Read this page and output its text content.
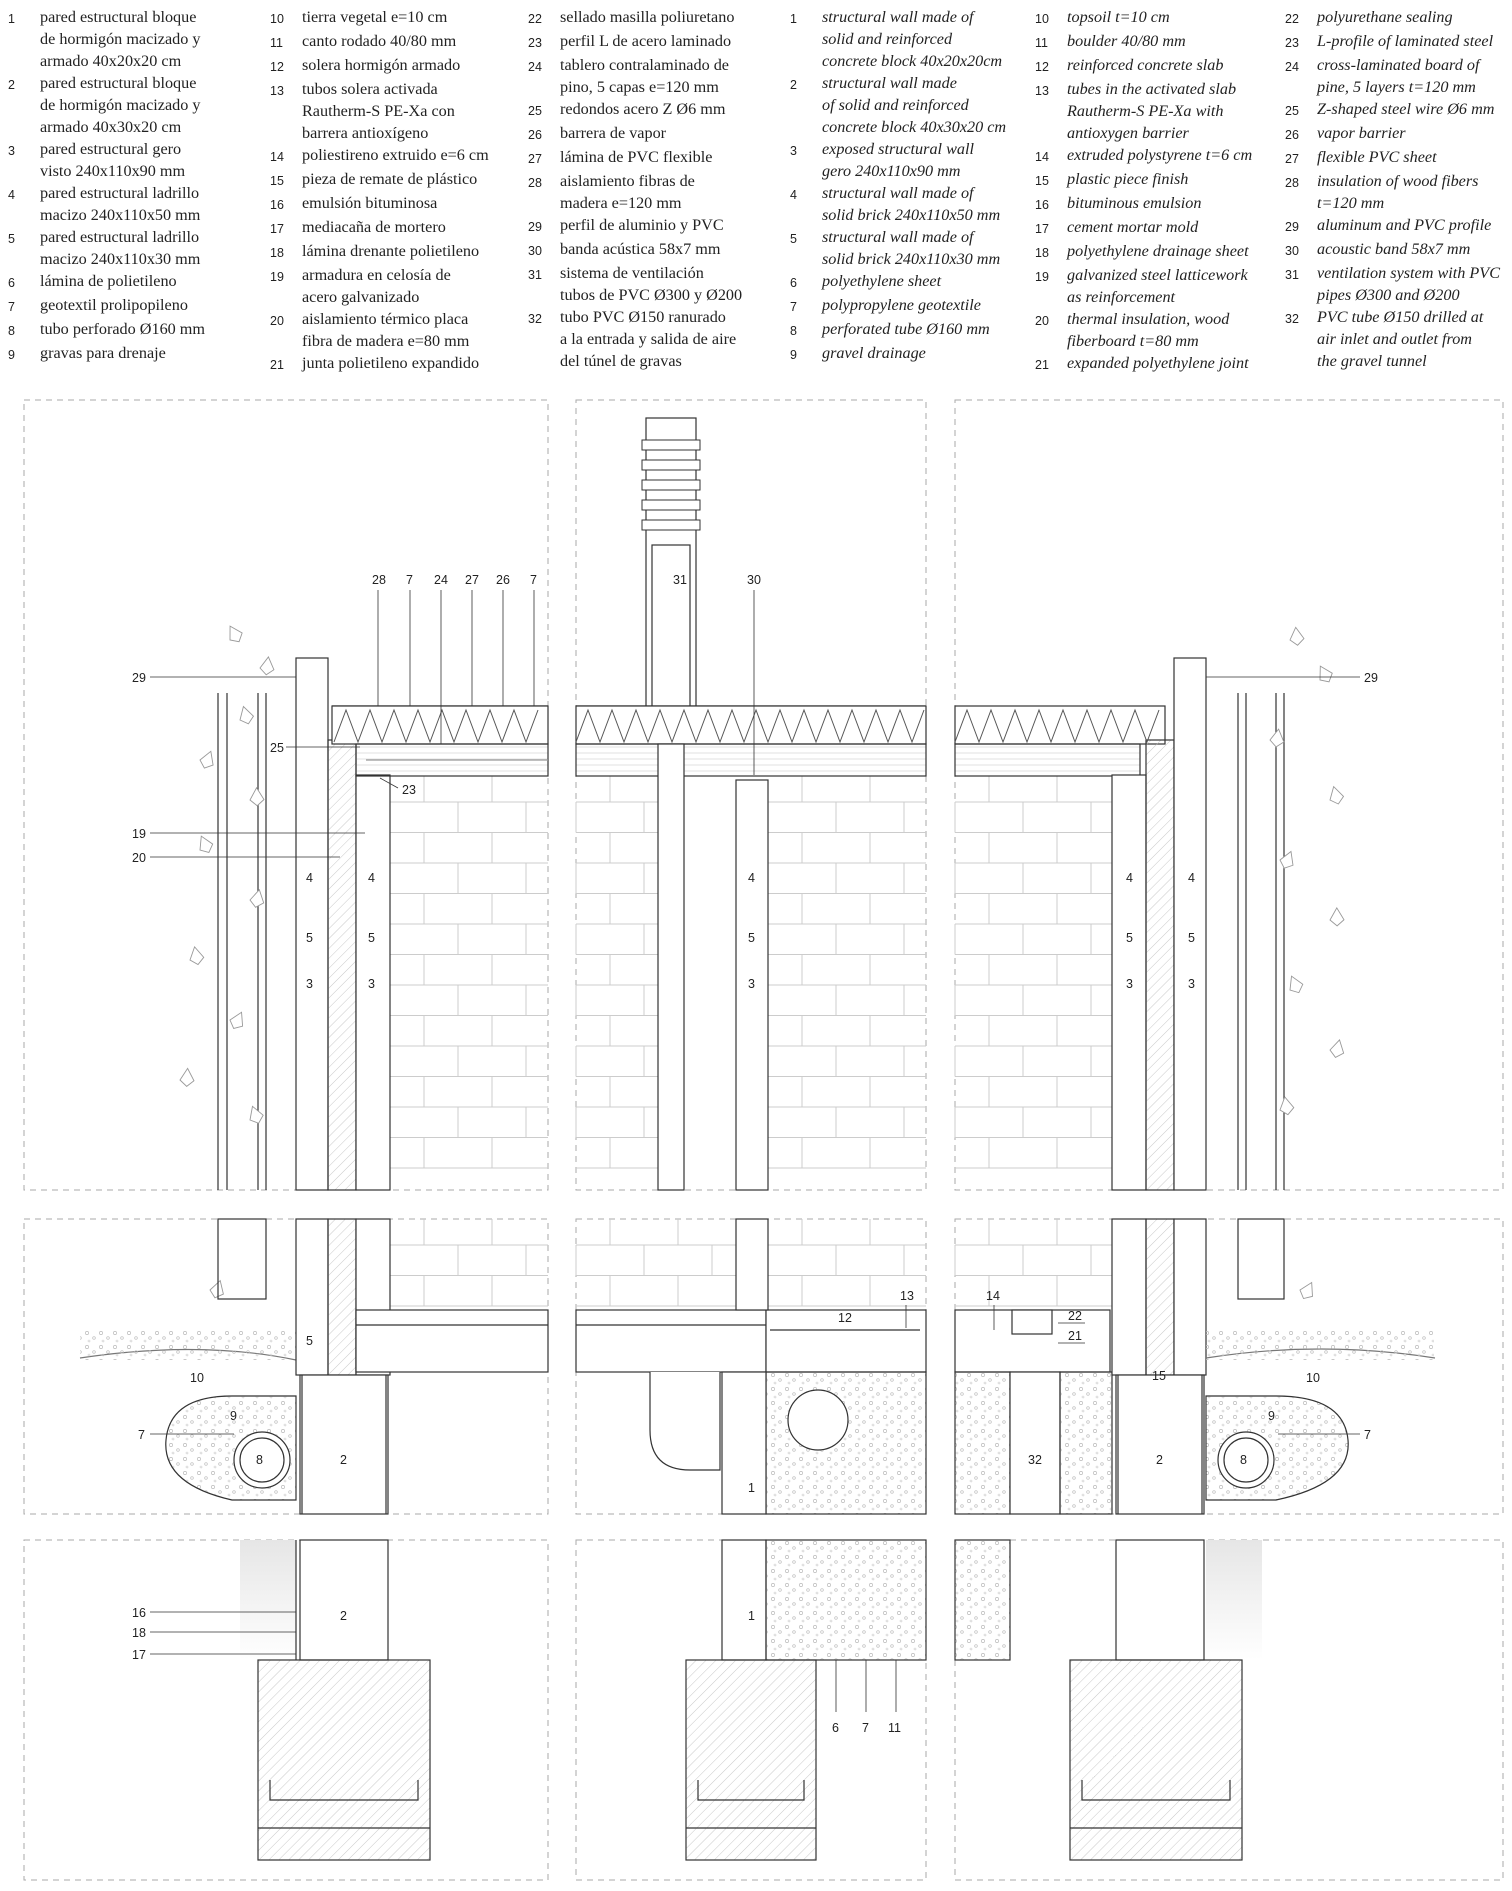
1	pared estructural bloque
de hormigón macizado y
armado 40x20x20 cm
2	pared estructural bloque
de hormigón macizado y
armado 40x30x20 cm
3	pared estructural gero
visto 240x110x90 mm
4	pared estructural ladrillo
macizo 240x110x50 mm
5	pared estructural ladrillo
macizo 240x110x30 mm
6	lámina de polietileno
7	geotextil prolipopileno
8	tubo perforado Ø160 mm
9	gravas para drenaje
10	tierra vegetal e=10 cm
11	canto rodado 40/80 mm
12	solera hormigón armado
13	tubos solera activada
Rautherm-S PE-Xa con
barrera antioxígeno
14	poliestireno extruido e=6 cm
15	pieza de remate de plástico
16	emulsión bituminosa
17	mediacaña de mortero
18	lámina drenante polietileno
19	armadura en celosía de
acero galvanizado
20	aislamiento térmico placa
fibra de madera e=80 mm
21	junta polietileno expandido
22	sellado masilla poliuretano
23	perfil L de acero laminado
24	tablero contralaminado de
pino, 5 capas e=120 mm
25	redondos acero Z Ø6 mm
26	barrera de vapor
27	lámina de PVC flexible
28	aislamiento fibras de
madera e=120 mm
29	perfil de aluminio y PVC
30	banda acústica 58x7 mm
31	sistema de ventilación
tubos de PVC Ø300 y Ø200
32	tubo PVC Ø150 ranurado
a la entrada y salida de aire
del túnel de gravas
1	structural wall made of
solid and reinforced
concrete block 40x20x20cm
2	structural wall made
of solid and reinforced
concrete block 40x30x20 cm
3	exposed structural wall
gero 240x110x90 mm
4	structural wall made of
solid brick 240x110x50 mm
5	structural wall made of
solid brick 240x110x30 mm
6	polyethylene sheet
7	polypropylene geotextile
8	perforated tube Ø160 mm
9	gravel drainage
10	topsoil t=10 cm
11	boulder 40/80 mm
12	reinforced concrete slab
13	tubes in the activated slab
Rautherm-S PE-Xa with
antioxygen barrier
14	extruded polystyrene t=6 cm
15	plastic piece finish
16	bituminous emulsion
17	cement mortar mold
18	polyethylene drainage sheet
19	galvanized steel latticework
as reinforcement
20	thermal insulation, wood
fiberboard t=80 mm
21	expanded polyethylene joint
22	polyurethane sealing
23	L-profile of laminated steel
24	cross-laminated board of
pine, 5 layers t=120 mm
25	Z-shaped steel wire Ø6 mm
26	vapor barrier
27	flexible PVC sheet
28	insulation of wood fibers
t=120 mm
29	aluminum and PVC profile
30	acoustic band 58x7 mm
31	ventilation system with PVC
pipes Ø300 and Ø200
32	PVC tube Ø150 drilled at
air inlet and outlet from
the gravel tunnel
28 7 24 27 26 7	31	30
29	29
25
23
19
20
4	4
5	5
3	3
4
5
3
4	4
5	5
3	3
5
10
9
7
8	2
13
12
1
14
22
21
15	10
9
7
8
32	2
16
18
17
2	1
6 7 11
